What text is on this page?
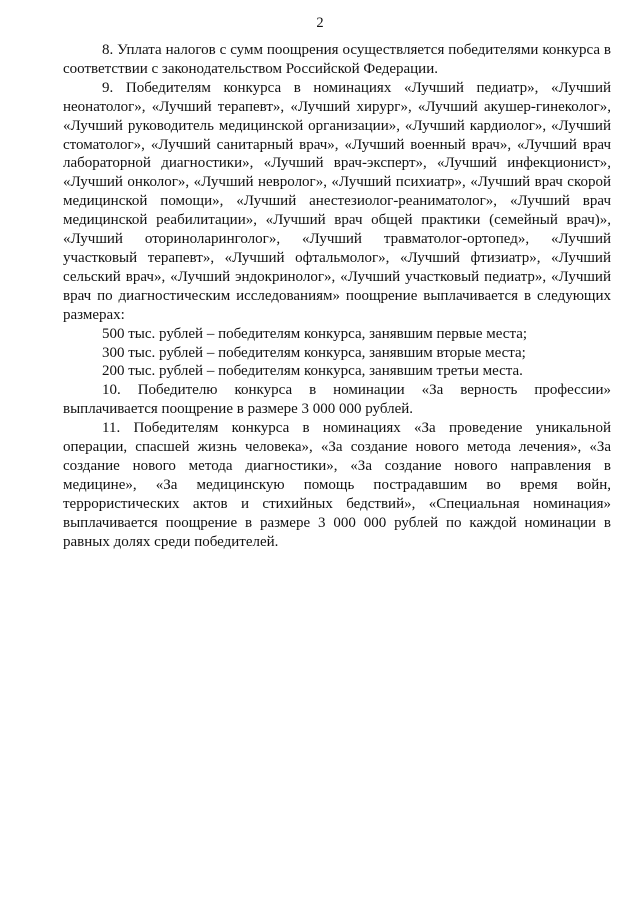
2

8. Уплата налогов с сумм поощрения осуществляется победителями конкурса в соответствии с законодательством Российской Федерации.

9. Победителям конкурса в номинациях «Лучший педиатр», «Лучший неонатолог», «Лучший терапевт», «Лучший хирург», «Лучший акушер-гинеколог», «Лучший руководитель медицинской организации», «Лучший кардиолог», «Лучший стоматолог», «Лучший санитарный врач», «Лучший военный врач», «Лучший врач лабораторной диагностики», «Лучший врач-эксперт», «Лучший инфекционист», «Лучший онколог», «Лучший невролог», «Лучший психиатр», «Лучший врач скорой медицинской помощи», «Лучший анестезиолог-реаниматолог», «Лучший врач медицинской реабилитации», «Лучший врач общей практики (семейный врач)», «Лучший оториноларинголог», «Лучший травматолог-ортопед», «Лучший участковый терапевт», «Лучший офтальмолог», «Лучший фтизиатр», «Лучший сельский врач», «Лучший эндокринолог», «Лучший участковый педиатр», «Лучший врач по диагностическим исследованиям» поощрение выплачивается в следующих размерах:

500 тыс. рублей – победителям конкурса, занявшим первые места;

300 тыс. рублей – победителям конкурса, занявшим вторые места;

200 тыс. рублей – победителям конкурса, занявшим третьи места.

10. Победителю конкурса в номинации «За верность профессии» выплачивается поощрение в размере 3 000 000 рублей.

11. Победителям конкурса в номинациях «За проведение уникальной операции, спасшей жизнь человека», «За создание нового метода лечения», «За создание нового метода диагностики», «За создание нового направления в медицине», «За медицинскую помощь пострадавшим во время войн, террористических актов и стихийных бедствий», «Специальная номинация» выплачивается поощрение в размере 3 000 000 рублей по каждой номинации в равных долях среди победителей.
